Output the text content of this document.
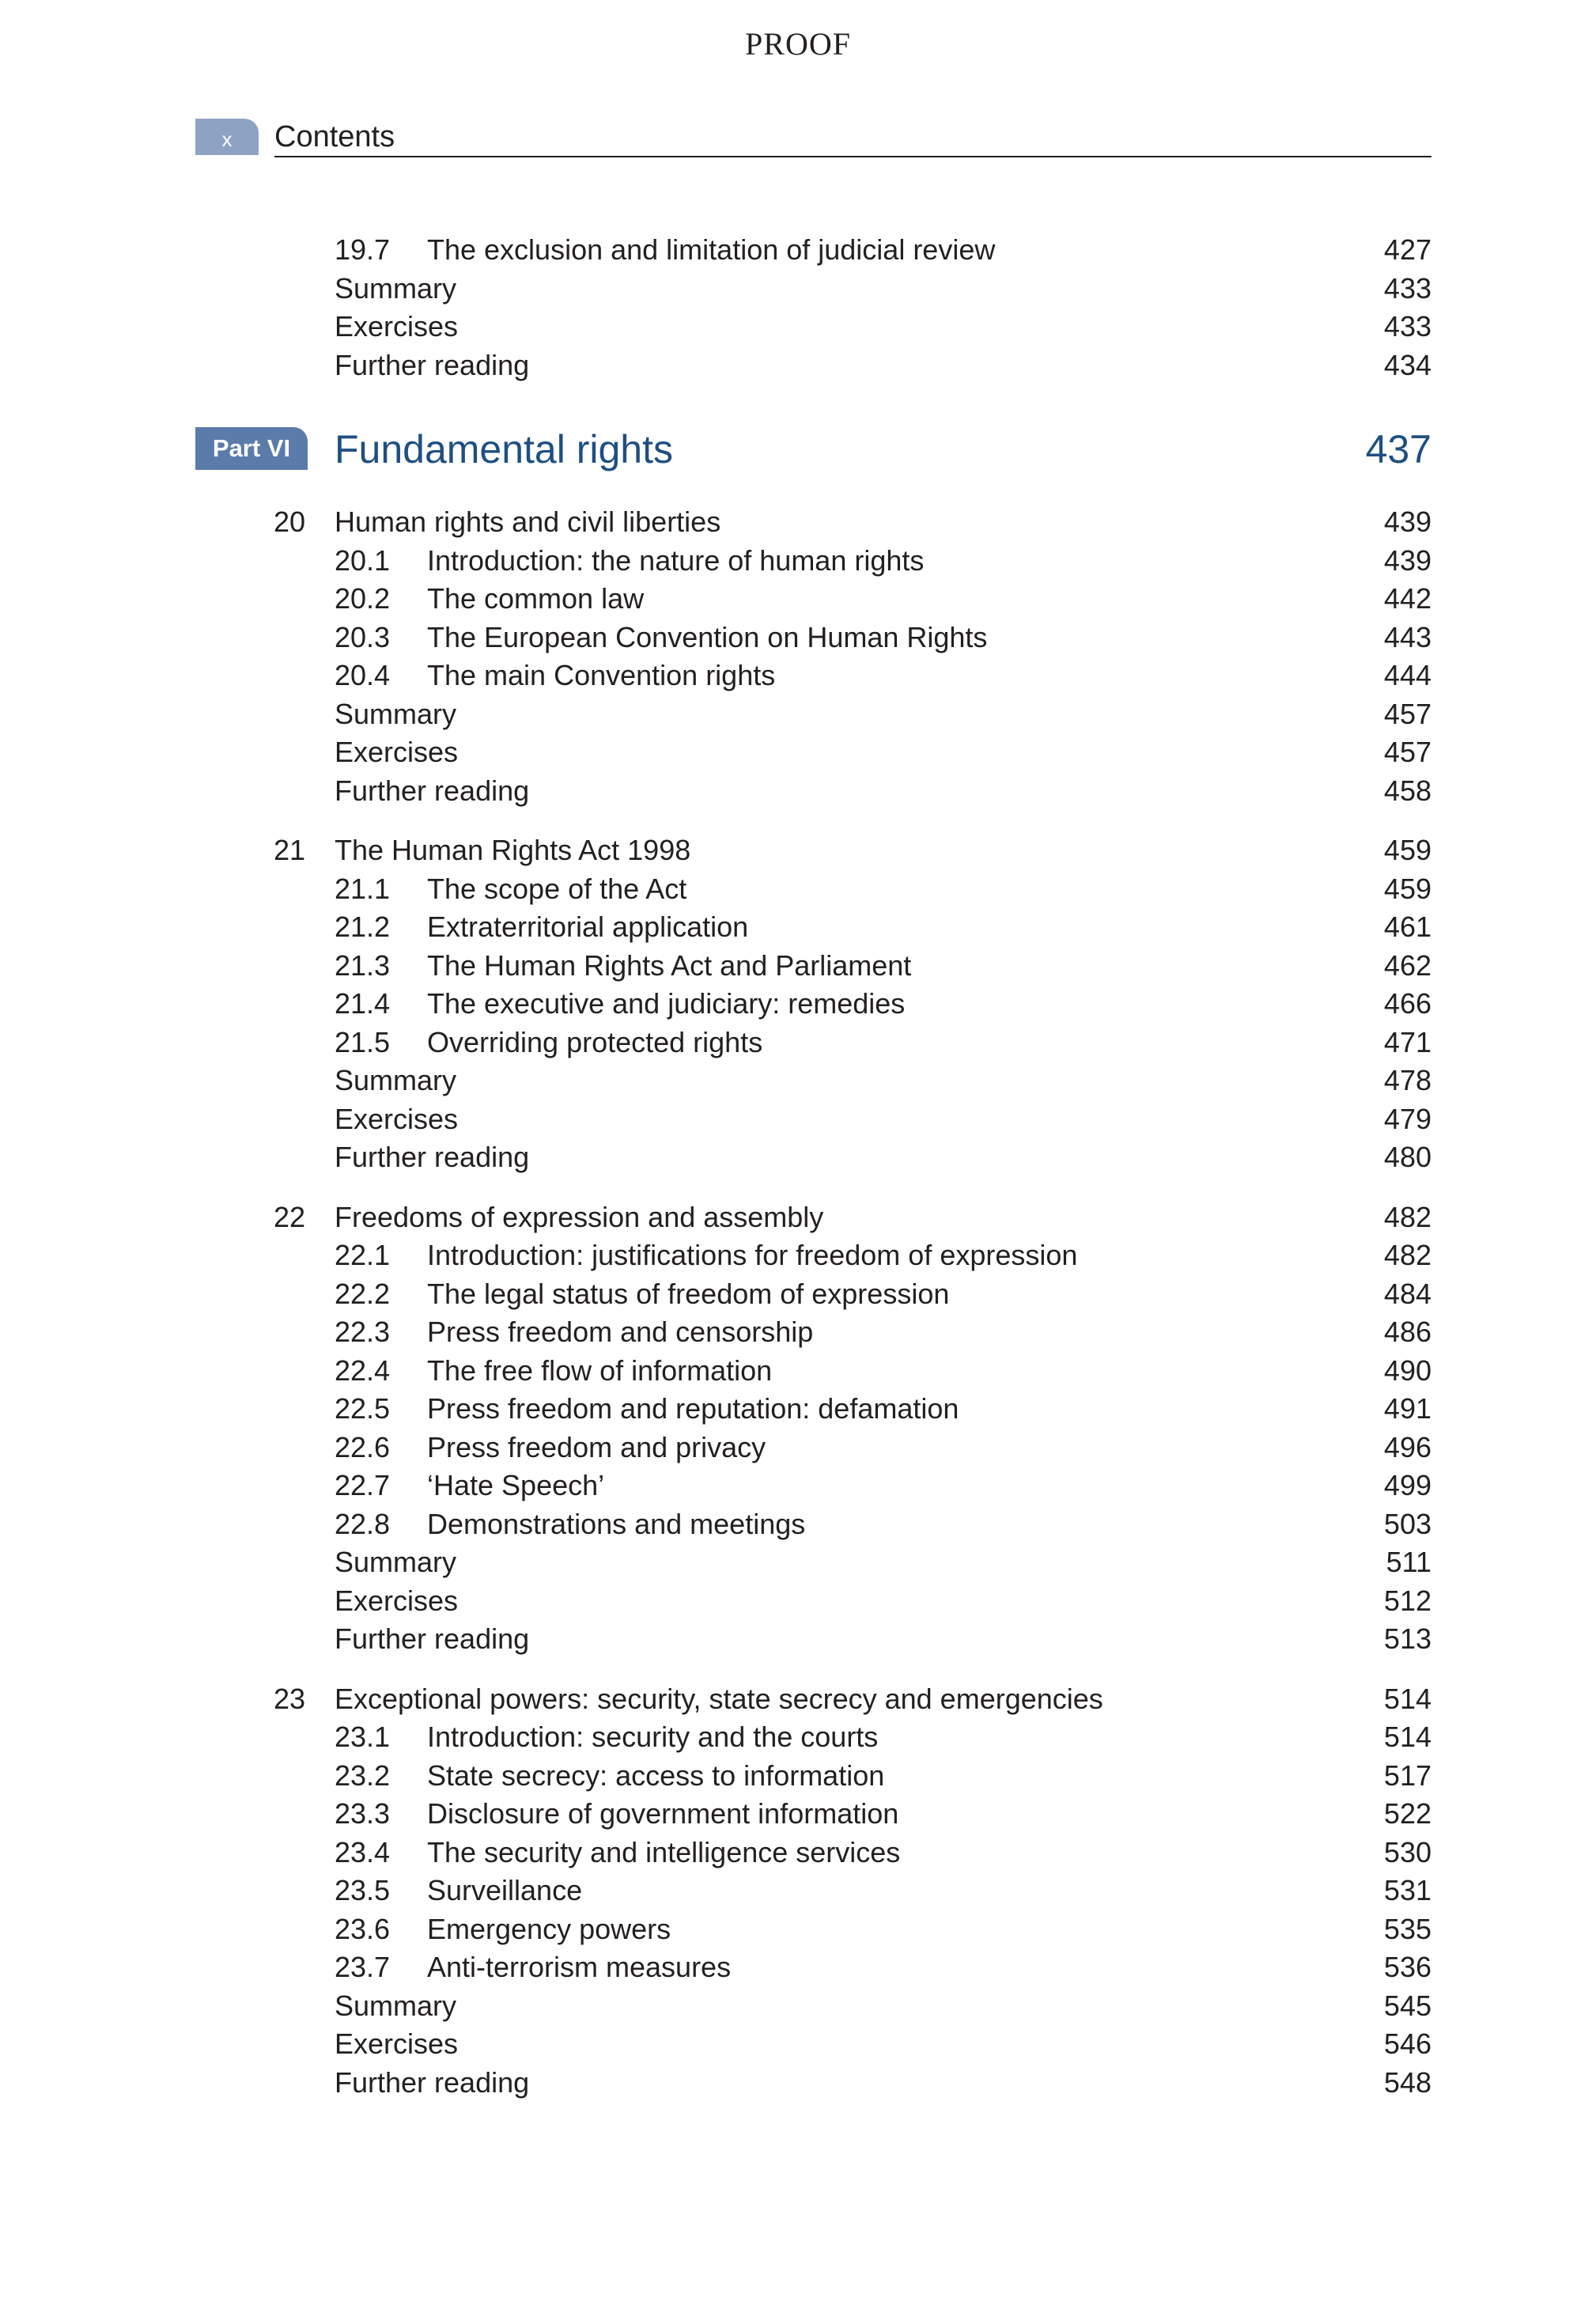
PROOF
x	Contents
19.7 The exclusion and limitation of judicial review	427
Summary	433
Exercises	433
Further reading	434
Part VI	Fundamental rights	437
20 Human rights and civil liberties	439
20.1 Introduction: the nature of human rights	439
20.2 The common law	442
20.3 The European Convention on Human Rights	443
20.4 The main Convention rights	444
Summary	457
Exercises	457
Further reading	458
21 The Human Rights Act 1998	459
21.1 The scope of the Act	459
21.2 Extraterritorial application	461
21.3 The Human Rights Act and Parliament	462
21.4 The executive and judiciary: remedies	466
21.5 Overriding protected rights	471
Summary	478
Exercises	479
Further reading	480
22 Freedoms of expression and assembly	482
22.1 Introduction: justifications for freedom of expression	482
22.2 The legal status of freedom of expression	484
22.3 Press freedom and censorship	486
22.4 The free flow of information	490
22.5 Press freedom and reputation: defamation	491
22.6 Press freedom and privacy	496
22.7 ‘Hate Speech’	499
22.8 Demonstrations and meetings	503
Summary	511
Exercises	512
Further reading	513
23 Exceptional powers: security, state secrecy and emergencies	514
23.1 Introduction: security and the courts	514
23.2 State secrecy: access to information	517
23.3 Disclosure of government information	522
23.4 The security and intelligence services	530
23.5 Surveillance	531
23.6 Emergency powers	535
23.7 Anti-terrorism measures	536
Summary	545
Exercises	546
Further reading	548
